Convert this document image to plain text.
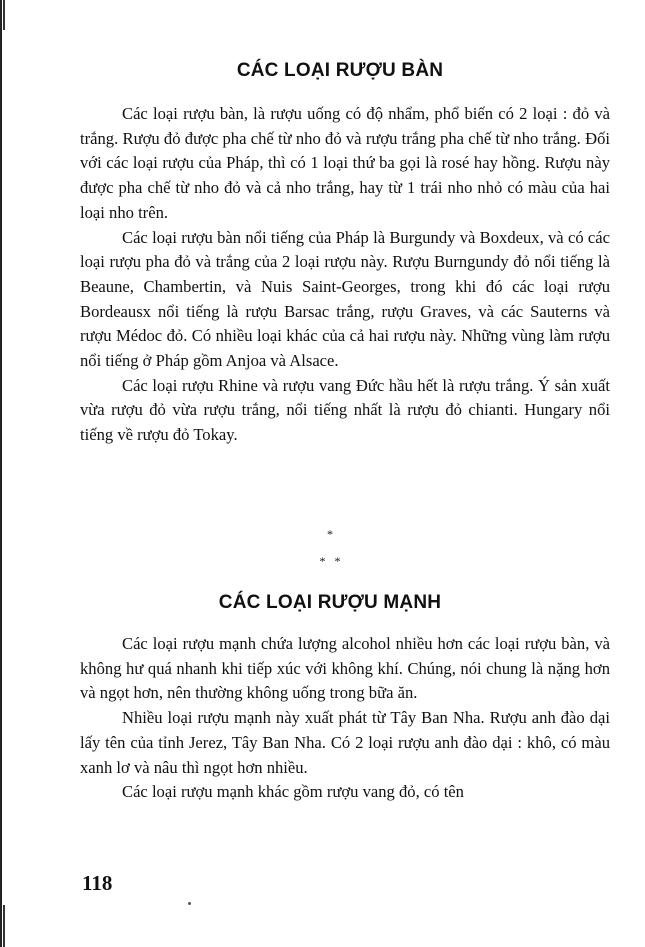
CÁC LOẠI RƯỢU BÀN

Các loại rượu bàn, là rượu uống có độ nhẩm, phổ biến có 2 loại : đỏ và trắng. Rượu đỏ được pha chế từ nho đỏ và rượu trắng pha chế từ nho trắng. Đối với các loại rượu của Pháp, thì có 1 loại thứ ba gọi là rosé hay hồng. Rượu này được pha chế từ nho đỏ và cả nho trắng, hay từ 1 trái nho nhỏ có màu của hai loại nho trên.

Các loại rượu bàn nổi tiếng của Pháp là Burgundy và Boxdeux, và có các loại rượu pha đỏ và trắng của 2 loại rượu này. Rượu Burngundy đỏ nổi tiếng là Beaune, Chambertin, và Nuis Saint-Georges, trong khi đó các loại rượu Bordeausx nổi tiếng là rượu Barsac trắng, rượu Graves, và các Sauterns và rượu Médoc đỏ. Có nhiều loại khác của cả hai rượu này. Những vùng làm rượu nổi tiếng ở Pháp gồm Anjoa và Alsace.

Các loại rượu Rhine và rượu vang Đức hầu hết là rượu trắng. Ý sản xuất vừa rượu đỏ vừa rượu trắng, nổi tiếng nhất là rượu đỏ chianti. Hungary nổi tiếng về rượu đỏ Tokay.

*
*   *
CÁC LOẠI RƯỢU MẠNH

Các loại rượu mạnh chứa lượng alcohol nhiều hơn các loại rượu bàn, và không hư quá nhanh khi tiếp xúc với không khí. Chúng, nói chung là nặng hơn và ngọt hơn, nên thường không uống trong bữa ăn.

Nhiều loại rượu mạnh này xuất phát từ Tây Ban Nha. Rượu anh đào dại lấy tên của tỉnh Jerez, Tây Ban Nha. Có 2 loại rượu anh đào dại : khô, có màu xanh lơ và nâu thì ngọt hơn nhiều.

Các loại rượu mạnh khác gồm rượu vang đỏ, có tên

118
